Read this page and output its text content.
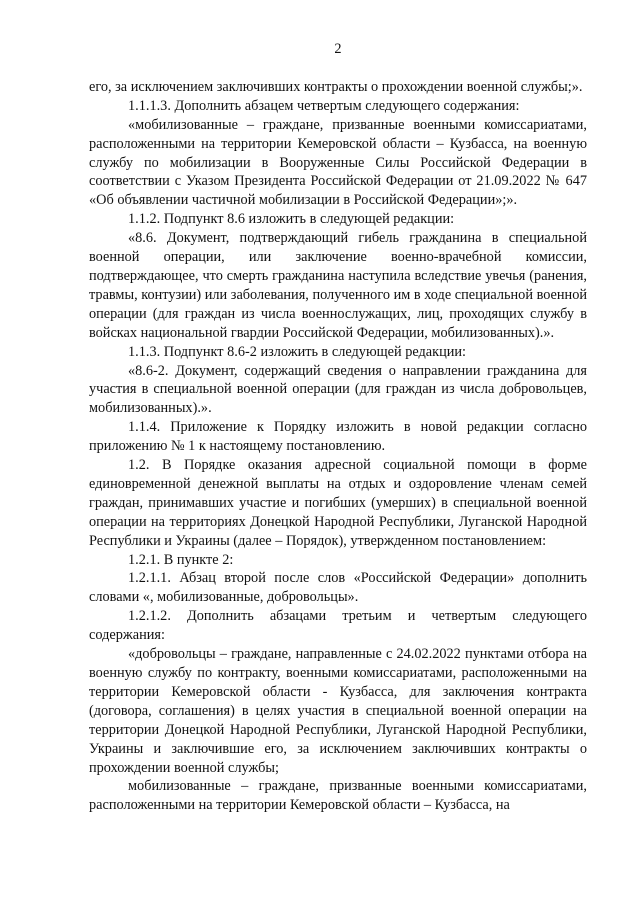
2

его, за исключением заключивших контракты о прохождении военной службы;».

1.1.1.3. Дополнить абзацем четвертым следующего содержания:

«мобилизованные – граждане, призванные военными комиссариатами, расположенными на территории Кемеровской области – Кузбасса, на военную службу по мобилизации в Вооруженные Силы Российской Федерации в соответствии с Указом Президента Российской Федерации от 21.09.2022 № 647 «Об объявлении частичной мобилизации в Российской Федерации»;».

1.1.2. Подпункт 8.6 изложить в следующей редакции:

«8.6. Документ, подтверждающий гибель гражданина в специальной военной операции, или заключение военно-врачебной комиссии, подтверждающее, что смерть гражданина наступила вследствие увечья (ранения, травмы, контузии) или заболевания, полученного им в ходе специальной военной операции (для граждан из числа военнослужащих, лиц, проходящих службу в войсках национальной гвардии Российской Федерации, мобилизованных).».

1.1.3. Подпункт 8.6-2 изложить в следующей редакции:

«8.6-2. Документ, содержащий сведения о направлении гражданина для участия в специальной военной операции (для граждан из числа добровольцев, мобилизованных).».

1.1.4. Приложение к Порядку изложить в новой редакции согласно приложению № 1 к настоящему постановлению.

1.2. В Порядке оказания адресной социальной помощи в форме единовременной денежной выплаты на отдых и оздоровление членам семей граждан, принимавших участие и погибших (умерших) в специальной военной операции на территориях Донецкой Народной Республики, Луганской Народной Республики и Украины (далее – Порядок), утвержденном постановлением:

1.2.1. В пункте 2:

1.2.1.1. Абзац второй после слов «Российской Федерации» дополнить словами «, мобилизованные, добровольцы».

1.2.1.2. Дополнить абзацами третьим и четвертым следующего содержания:

«добровольцы – граждане, направленные с 24.02.2022 пунктами отбора на военную службу по контракту, военными комиссариатами, расположенными на территории Кемеровской области - Кузбасса, для заключения контракта (договора, соглашения) в целях участия в специальной военной операции на территории Донецкой Народной Республики, Луганской Народной Республики, Украины и заключившие его, за исключением заключивших контракты о прохождении военной службы;

мобилизованные – граждане, призванные военными комиссариатами, расположенными на территории Кемеровской области – Кузбасса, на
